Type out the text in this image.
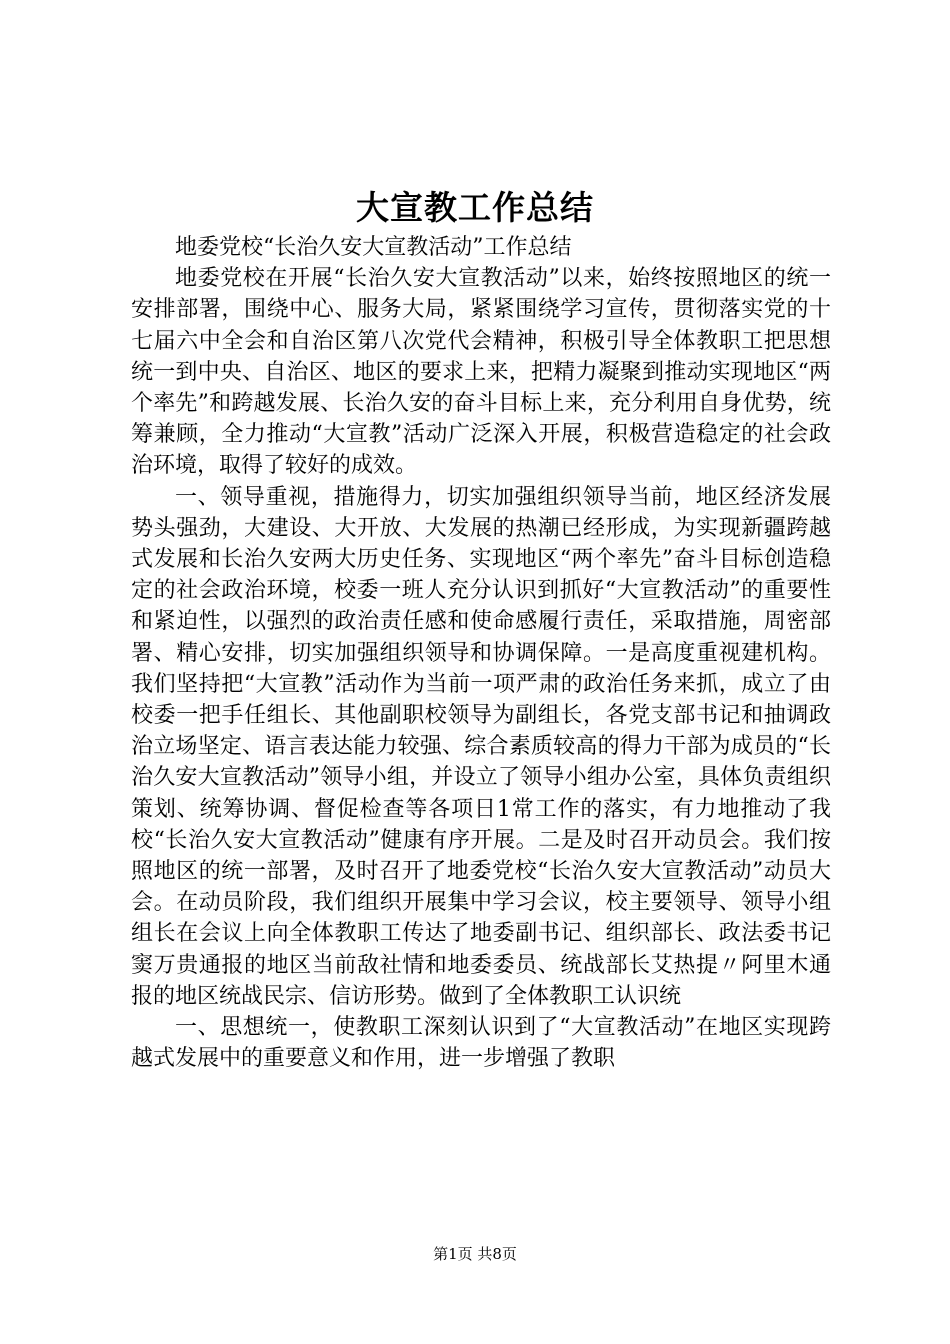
大宣教工作总结

地委党校“长治久安大宣教活动”工作总结

地委党校在开展“长治久安大宣教活动”以来，始终按照地区的统一安排部署，围绕中心、服务大局，紧紧围绕学习宣传，贯彻落实党的十七届六中全会和自治区第八次党代会精神，积极引导全体教职工把思想统一到中央、自治区、地区的要求上来，把精力凝聚到推动实现地区“两个率先”和跨越发展、长治久安的奋斗目标上来，充分利用自身优势，统筹兼顾，全力推动“大宣教”活动广泛深入开展，积极营造稳定的社会政治环境，取得了较好的成效。

一、领导重视，措施得力，切实加强组织领导当前，地区经济发展势头强劲，大建设、大开放、大发展的热潮已经形成，为实现新疆跨越式发展和长治久安两大历史任务、实现地区“两个率先”奋斗目标创造稳定的社会政治环境，校委一班人充分认识到抓好“大宣教活动”的重要性和紧迫性，以强烈的政治责任感和使命感履行责任，采取措施，周密部署、精心安排，切实加强组织领导和协调保障。一是高度重视建机构。我们坚持把“大宣教”活动作为当前一项严肃的政治任务来抓，成立了由校委一把手任组长、其他副职校领导为副组长，各党支部书记和抽调政治立场坚定、语言表达能力较强、综合素质较高的得力干部为成员的“长治久安大宣教活动”领导小组，并设立了领导小组办公室，具体负责组织策划、统筹协调、督促检查等各项日1常工作的落实，有力地推动了我校“长治久安大宣教活动”健康有序开展。二是及时召开动员会。我们按照地区的统一部署，及时召开了地委党校“长治久安大宣教活动”动员大会。在动员阶段，我们组织开展集中学习会议，校主要领导、领导小组组长在会议上向全体教职工传达了地委副书记、组织部长、政法委书记窦万贵通报的地区当前敌社情和地委委员、统战部长艾热提〃阿里木通报的地区统战民宗、信访形势。做到了全体教职工认识统

一、思想统一，使教职工深刻认识到了“大宣教活动”在地区实现跨越式发展中的重要意义和作用，进一步增强了教职

第1页 共8页
